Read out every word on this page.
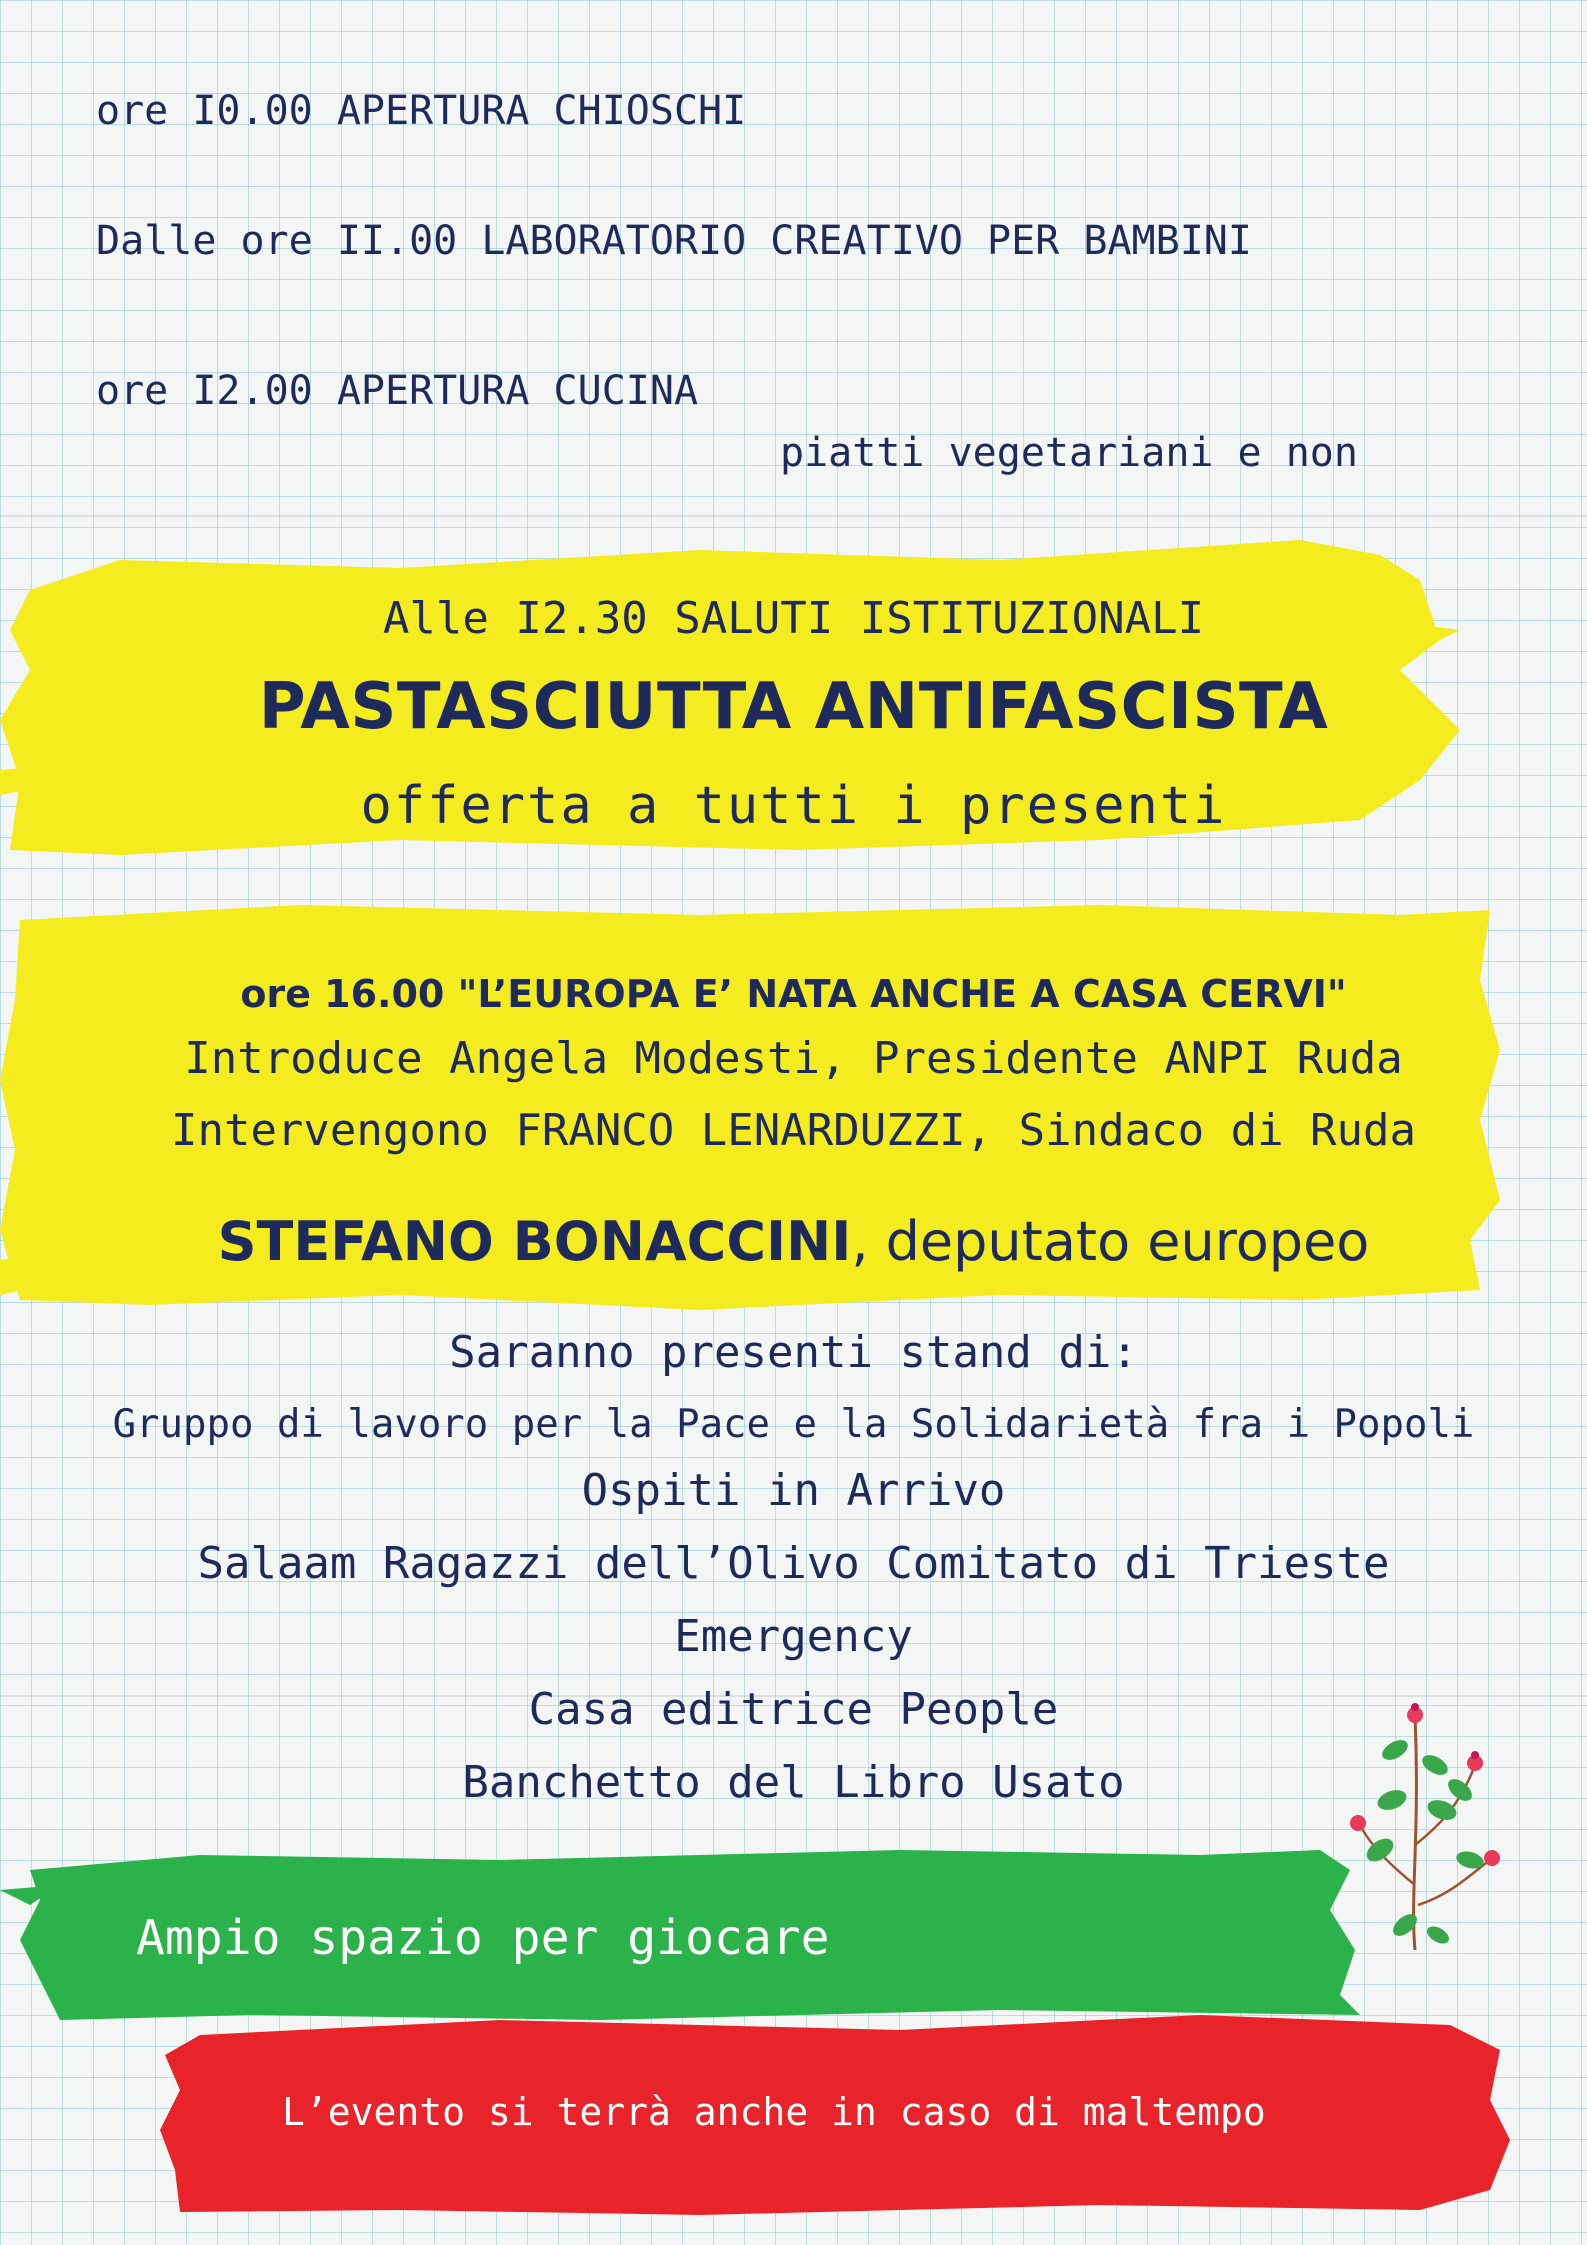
ore I0.00 APERTURA CHIOSCHI
Dalle ore II.00 LABORATORIO CREATIVO PER BAMBINI
ore I2.00 APERTURA CUCINA
piatti vegetariani e non
Alle I2.30 SALUTI ISTITUZIONALI
PASTASCIUTTA ANTIFASCISTA
offerta a tutti i presenti
ore 16.00 "L’EUROPA E’ NATA ANCHE A CASA CERVI"
Introduce Angela Modesti, Presidente ANPI Ruda
Intervengono FRANCO LENARDUZZI, Sindaco di Ruda
STEFANO BONACCINI, deputato europeo
Saranno presenti stand di:
Gruppo di lavoro per la Pace e la Solidarietà fra i Popoli
Ospiti in Arrivo
Salaam Ragazzi dell’Olivo Comitato di Trieste
Emergency
Casa editrice People
Banchetto del Libro Usato
Ampio spazio per giocare
L’evento si terrà anche in caso di maltempo
